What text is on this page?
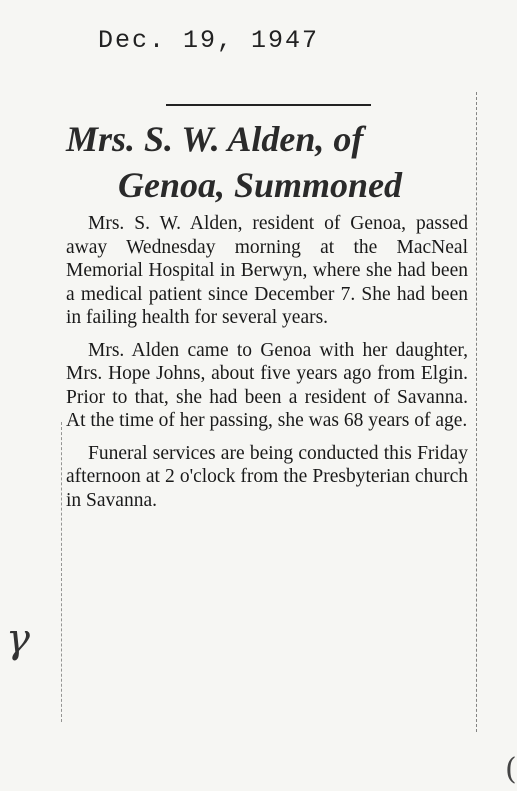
Dec. 19, 1947
Mrs. S. W. Alden, of
Genoa, Summoned

Mrs. S. W. Alden, resident of Genoa, passed away Wednesday morning at the MacNeal Memorial Hospital in Berwyn, where she had been a medical patient since December 7. She had been in failing health for several years.

Mrs. Alden came to Genoa with her daughter, Mrs. Hope Johns, about five years ago from Elgin. Prior to that, she had been a resident of Savanna. At the time of her passing, she was 68 years of age.

Funeral services are being conducted this Friday afternoon at 2 o'clock from the Presbyterian church in Savanna.

γ
(
